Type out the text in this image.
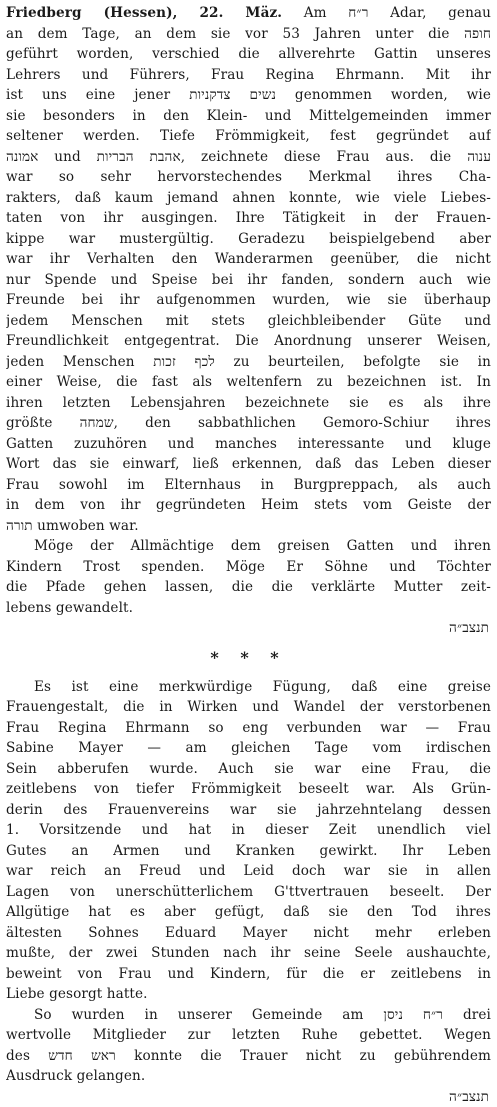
Friedberg (Hessen), 22. Mäz. Am ר״ח Adar, genau
an dem Tage, an dem sie vor 53 Jahren unter die חופה
geführt worden, verschied die allverehrte Gattin unseres
Lehrers und Führers, Frau Regina Ehrmann. Mit ihr
ist uns eine jener נשים צדקניות genommen worden, wie
sie besonders in den Klein- und Mittelgemeinden immer
seltener werden. Tiefe Frömmigkeit, fest gegründet auf
אמונה und אהבת הבריות, zeichnete diese Frau aus. die ענוה
war so sehr hervorstechendes Merkmal ihres Cha-
rakters, daß kaum jemand ahnen konnte, wie viele Liebes-
taten von ihr ausgingen. Ihre Tätigkeit in der Frauen-
kippe war mustergültig. Geradezu beispielgebend aber
war ihr Verhalten den Wanderarmen geenüber, die nicht
nur Spende und Speise bei ihr fanden, sondern auch wie
Freunde bei ihr aufgenommen wurden, wie sie überhaup
jedem Menschen mit stets gleichbleibender Güte und
Freundlichkeit entgegentrat. Die Anordnung unserer Weisen,
jeden Menschen לכף זכות zu beurteilen, befolgte sie in
einer Weise, die fast als weltenfern zu bezeichnen ist. In
ihren letzten Lebensjahren bezeichnete sie es als ihre
größte שמחה, den sabbathlichen Gemoro-Schiur ihres
Gatten zuzuhören und manches interessante und kluge
Wort das sie einwarf, ließ erkennen, daß das Leben dieser
Frau sowohl im Elternhaus in Burgpreppach, als auch
in dem von ihr gegründeten Heim stets vom Geiste der
תורה umwoben war.
Möge der Allmächtige dem greisen Gatten und ihren
Kindern Trost spenden. Möge Er Söhne und Töchter
die Pfade gehen lassen, die die verklärte Mutter zeit-
lebens gewandelt.
תנצב״ה
* * *
Es ist eine merkwürdige Fügung, daß eine greise
Frauengestalt, die in Wirken und Wandel der verstorbenen
Frau Regina Ehrmann so eng verbunden war — Frau
Sabine Mayer — am gleichen Tage vom irdischen
Sein abberufen wurde. Auch sie war eine Frau, die
zeitlebens von tiefer Frömmigkeit beseelt war. Als Grün-
derin des Frauenvereins war sie jahrzehntelang dessen
1. Vorsitzende und hat in dieser Zeit unendlich viel
Gutes an Armen und Kranken gewirkt. Ihr Leben
war reich an Freud und Leid doch war sie in allen
Lagen von unerschütterlichem G'ttvertrauen beseelt. Der
Allgütige hat es aber gefügt, daß sie den Tod ihres
ältesten Sohnes Eduard Mayer nicht mehr erleben
mußte, der zwei Stunden nach ihr seine Seele aushauchte,
beweint von Frau und Kindern, für die er zeitlebens in
Liebe gesorgt hatte.
So wurden in unserer Gemeinde am ר״ח ניסן drei
wertvolle Mitglieder zur letzten Ruhe gebettet. Wegen
des ראש חדש konnte die Trauer nicht zu gebührendem
Ausdruck gelangen.
תנצב״ה
